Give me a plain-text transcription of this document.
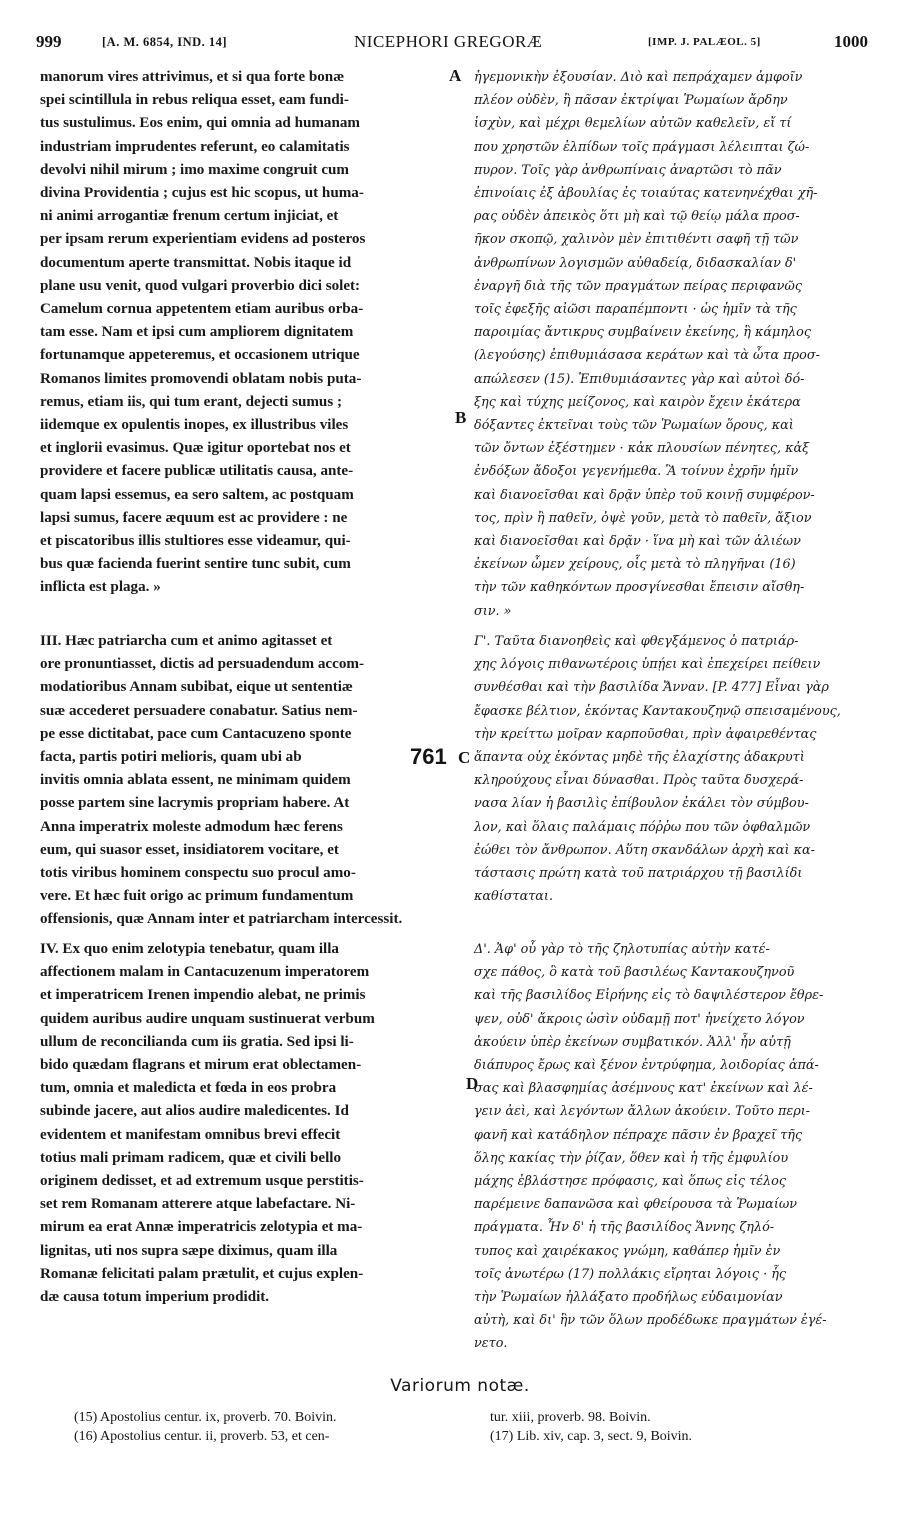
999	[A. M. 6854, IND. 14]	NICEPHORI GREGORÆ	[IMP. J. PALÆOL. 5]	1000

manorum vires attrivimus, et si qua forte bonæ
spei scintillula in rebus reliqua esset, eam fundi-
tus sustulimus. Eos enim, qui omnia ad humanam
industriam imprudentes referunt, eo calamitatis
devolvi nihil mirum ; imo maxime congruit cum
divina Providentia ; cujus est hic scopus, ut huma-
ni animi arrogantiæ frenum certum injiciat, et
per ipsam rerum experientiam evidens ad posteros
documentum aperte transmittat. Nobis itaque id
plane usu venit, quod vulgari proverbio dici solet:
Camelum cornua appetentem etiam auribus orba-
tam esse. Nam et ipsi cum ampliorem dignitatem
fortunamque appeteremus, et occasionem utrique
Romanos limites promovendi oblatam nobis puta-
remus, etiam iis, qui tum erant, dejecti sumus ;
iidemque ex opulentis inopes, ex illustribus viles
et inglorii evasimus. Quæ igitur oportebat nos et
providere et facere publicæ utilitatis causa, ante-
quam lapsi essemus, ea sero saltem, ac postquam
lapsi sumus, facere æquum est ac providere : ne
et piscatoribus illis stultiores esse videamur, qui-
bus quæ facienda fuerint sentire tunc subit, cum
inflicta est plaga. »

III. Hæc patriarcha cum et animo agitasset et
ore pronuntiasset, dictis ad persuadendum accom-
modatioribus Annam subibat, eique ut sententiæ
suæ accederet persuadere conabatur. Satius nem-
pe esse dictitabat, pace cum Cantacuzeno sponte
facta, partis potiri melioris, quam ubi ab
invitis omnia ablata essent, ne minimam quidem
posse partem sine lacrymis propriam habere. At
Anna imperatrix moleste admodum hæc ferens
eum, qui suasor esset, insidiatorem vocitare, et
totis viribus hominem conspectu suo procul amo-
vere. Et hæc fuit origo ac primum fundamentum
offensionis, quæ Annam inter et patriarcham intercessit.

IV. Ex quo enim zelotypia tenebatur, quam illa
affectionem malam in Cantacuzenum imperatorem
et imperatricem Irenen impendio alebat, ne primis
quidem auribus audire unquam sustinuerat verbum
ullum de reconcilianda cum iis gratia. Sed ipsi li-
bido quædam flagrans et mirum erat oblectamen-
tum, omnia et maledicta et fœda in eos probra
subinde jacere, aut alios audire maledicentes. Id
evidentem et manifestam omnibus brevi effecit
totius mali primam radicem, quæ et civili bello
originem dedisset, et ad extremum usque perstitis-
set rem Romanam atterere atque labefactare. Ni-
mirum ea erat Annæ imperatricis zelotypia et ma-
lignitas, uti nos supra sæpe diximus, quam illa
Romanæ felicitati palam prætulit, et cujus explen-
dæ causa totum imperium prodidit.

ἡγεμονικὴν ἐξουσίαν. Διὸ καὶ πεπράχαμεν ἀμφοῖν
πλέον οὐδὲν, ἢ πᾶσαν ἐκτρίψαι Ῥωμαίων ἄρδην
ἰσχὺν, καὶ μέχρι θεμελίων αὐτῶν καθελεῖν, εἴ τί
που χρηστῶν ἐλπίδων τοῖς πράγμασι λέλειπται ζώ-
πυρον. Τοῖς γὰρ ἀνθρωπίναις ἀναρτῶσι τὸ πᾶν
ἐπινοίαις ἐξ ἀβουλίας ἐς τοιαύτας κατενηνέχθαι χῆ-
ρας οὐδὲν ἀπεικὸς ὅτι μὴ καὶ τῷ θείῳ μάλα προσ-
ῆκον σκοπῷ, χαλινὸν μὲν ἐπιτιθέντι σαφῆ τῇ τῶν
ἀνθρωπίνων λογισμῶν αὐθαδείᾳ, διδασκαλίαν δ'
ἐναργῆ διὰ τῆς τῶν πραγμάτων πείρας περιφανῶς
τοῖς ἐφεξῆς αἰῶσι παραπέμποντι · ὡς ἡμῖν τὰ τῆς
παροιμίας ἄντικρυς συμβαίνειν ἐκείνης, ἣ κάμηλος
(λεγούσης) ἐπιθυμιάσασα κεράτων καὶ τὰ ὦτα προσ-
απώλεσεν (15). Ἐπιθυμιάσαντες γὰρ καὶ αὐτοὶ δό-
ξης καὶ τύχης μείζονος, καὶ καιρὸν ἔχειν ἑκάτερα
δόξαντες ἐκτεῖναι τοὺς τῶν Ῥωμαίων ὅρους, καὶ
τῶν ὄντων ἐξέστημεν · κἀκ πλουσίων πένητες, κἀξ
ἐνδόξων ἄδοξοι γεγενήμεθα. Ἃ τοίνυν ἐχρῆν ἡμῖν
καὶ διανοεῖσθαι καὶ δρᾷν ὑπὲρ τοῦ κοινῇ συμφέρον-
τος, πρὶν ἢ παθεῖν, ὀψὲ γοῦν, μετὰ τὸ παθεῖν, ἄξιον
καὶ διανοεῖσθαι καὶ δρᾷν · ἵνα μὴ καὶ τῶν ἁλιέων
ἐκείνων ὦμεν χείρους, οἷς μετὰ τὸ πληγῆναι (16)
τὴν τῶν καθηκόντων προσγίνεσθαι ἔπεισιν αἴσθη-
σιν. »

Γ'. Ταῦτα διανοηθεὶς καὶ φθεγξάμενος ὁ πατριάρ-
χης λόγοις πιθανωτέροις ὑπῄει καὶ ἐπεχείρει πείθειν
συνθέσθαι καὶ τὴν βασιλίδα Ἄνναν. [P. 477] Εἶναι γὰρ
ἔφασκε βέλτιον, ἑκόντας Καντακουζηνῷ σπεισαμένους,
τὴν κρείττω μοῖραν καρποῦσθαι, πρὶν ἀφαιρεθέντας
ἅπαντα οὐχ ἑκόντας μηδὲ τῆς ἐλαχίστης ἀδακρυτὶ
κληρούχους εἶναι δύνασθαι. Πρὸς ταῦτα δυσχερά-
νασα λίαν ἡ βασιλὶς ἐπίβουλον ἐκάλει τὸν σύμβου-
λον, καὶ ὅλαις παλάμαις πόῤῥω που τῶν ὀφθαλμῶν
ἐώθει τὸν ἄνθρωπον. Αὕτη σκανδάλων ἀρχὴ καὶ κα-
τάστασις πρώτη κατὰ τοῦ πατριάρχου τῇ βασιλίδι
καθίσταται.

Δ'. Ἀφ' οὗ γὰρ τὸ τῆς ζηλοτυπίας αὐτὴν κατέ-
σχε πάθος, ὃ κατὰ τοῦ βασιλέως Καντακουζηνοῦ
καὶ τῆς βασιλίδος Εἰρήνης εἰς τὸ δαψιλέστερον ἔθρε-
ψεν, οὐδ' ἄκροις ὠσὶν οὐδαμῇ ποτ' ἠνείχετο λόγον
ἀκούειν ὑπὲρ ἐκείνων συμβατικόν. Ἀλλ' ἦν αὐτῇ
διάπυρος ἔρως καὶ ξένον ἐντρύφημα, λοιδορίας ἁπά-
σας καὶ βλασφημίας ἀσέμνους κατ' ἐκείνων καὶ λέ-
γειν ἀεὶ, καὶ λεγόντων ἄλλων ἀκούειν. Τοῦτο περι-
φανῆ καὶ κατάδηλον πέπραχε πᾶσιν ἐν βραχεῖ τῆς
ὅλης κακίας τὴν ῥίζαν, ὅθεν καὶ ἡ τῆς ἐμφυλίου
μάχης ἐβλάστησε πρόφασις, καὶ ὅπως εἰς τέλος
παρέμεινε δαπανῶσα καὶ φθείρουσα τὰ Ῥωμαίων
πράγματα. Ἦν δ' ἡ τῆς βασιλίδος Ἄννης ζηλό-
τυπος καὶ χαιρέκακος γνώμη, καθάπερ ἡμῖν ἐν
τοῖς ἀνωτέρω (17) πολλάκις εἴρηται λόγοις · ἧς
τὴν Ῥωμαίων ἠλλάξατο προδήλως εὐδαιμονίαν
αὐτὴ, καὶ δι' ἣν τῶν ὅλων προδέδωκε πραγμάτων ἐγέ-
νετο.

A
B
C
D
761
Variorum notæ.

(15) Apostolius centur. ix, proverb. 70. Boivin.
(16) Apostolius centur. ii, proverb. 53, et cen-

tur. xiii, proverb. 98. Boivin.
(17) Lib. xiv, cap. 3, sect. 9, Boivin.
